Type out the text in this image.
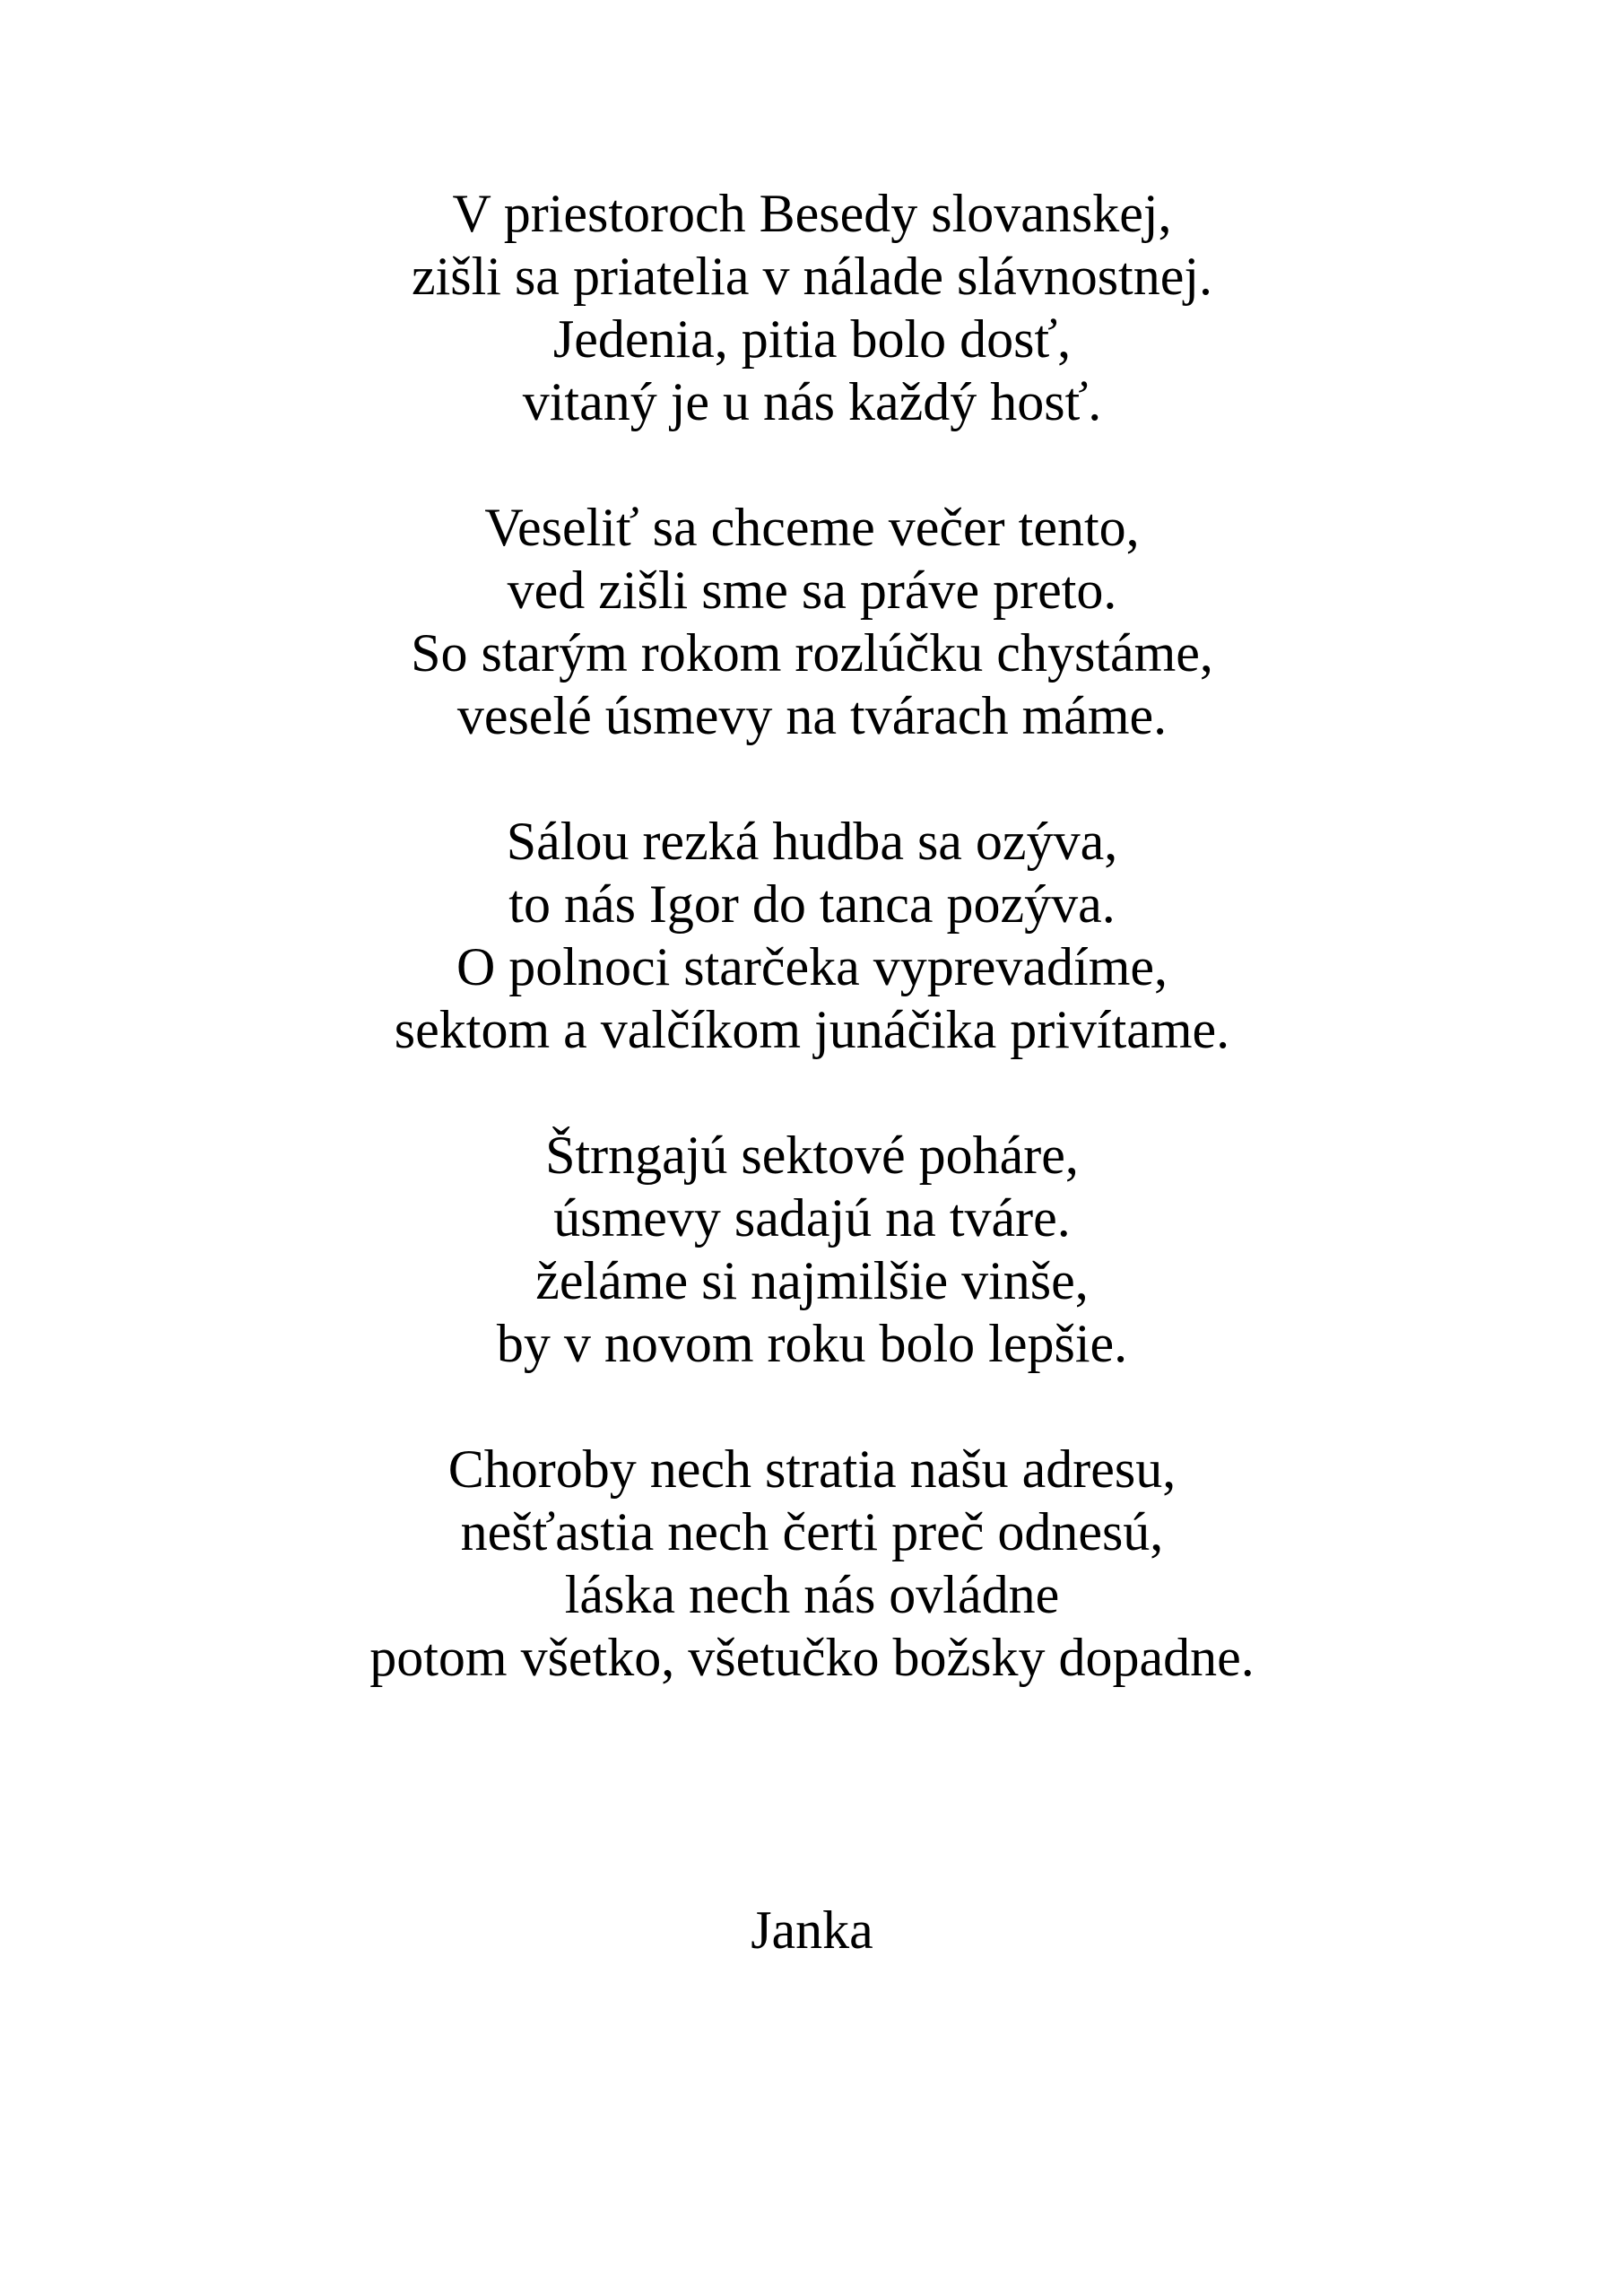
V priestoroch Besedy slovanskej,
zišli sa priatelia v nálade slávnostnej.
Jedenia, pitia bolo dosť,
vitaný je u nás každý hosť.
Veseliť sa chceme večer tento,
ved zišli sme sa práve preto.
So starým rokom rozlúčku chystáme,
veselé úsmevy na tvárach máme.
Sálou rezká hudba sa ozýva,
to nás Igor do tanca pozýva.
O polnoci starčeka vyprevadíme,
sektom a valčíkom junáčika privítame.
Štrngajú sektové poháre,
úsmevy sadajú na tváre.
želáme si najmilšie vinše,
by v novom roku bolo lepšie.
Choroby nech stratia našu adresu,
nešťastia nech čerti preč odnesú,
láska nech nás ovládne
potom všetko, všetučko božsky dopadne.
Janka
